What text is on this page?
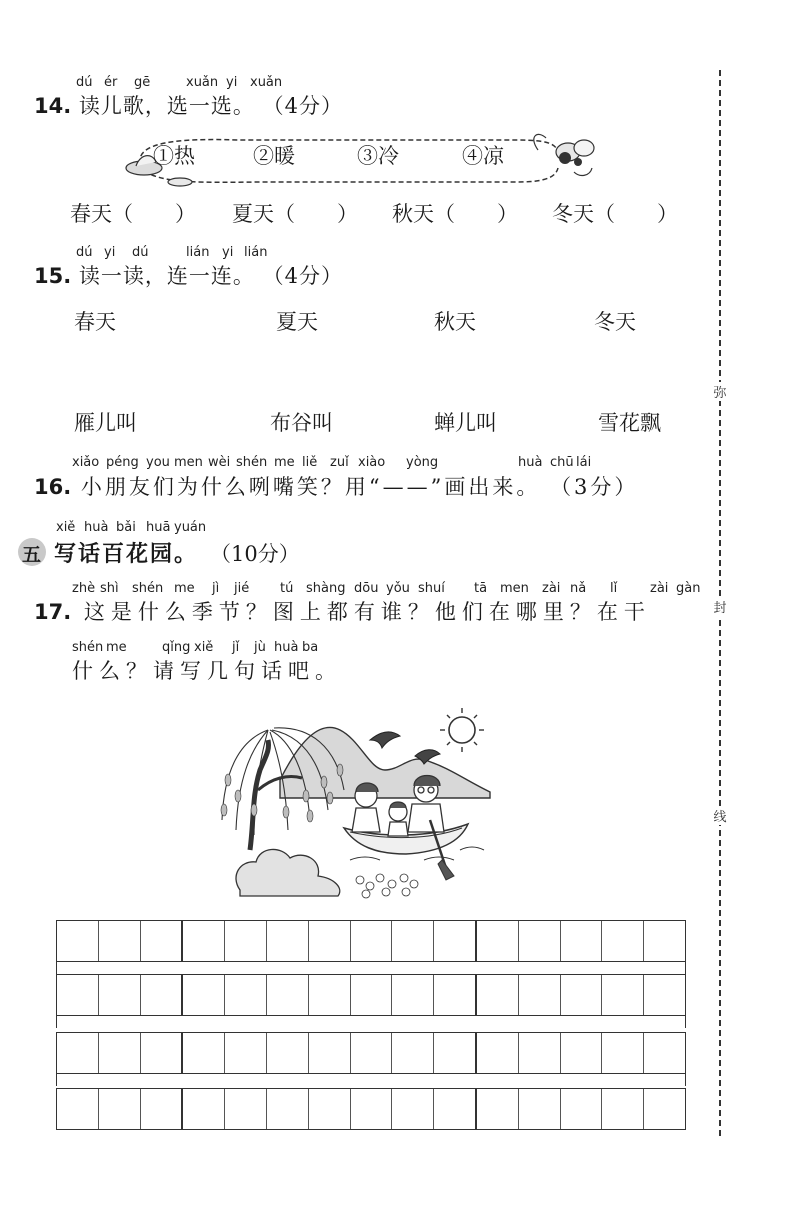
弥
封
线
dú ér gē	xuǎn yi xuǎn
14. 读儿歌，选一选。 （4分）
①热	②暖	③冷	④凉
春天（　　） 夏天（　　） 秋天（　　） 冬天（　　）
dú yi dú	lián yi lián
15. 读一读，连一连。 （4分）
春天	夏天	秋天	冬天
雁儿叫	布谷叫	蝉儿叫	雪花飘
xiǎo péng you men wèi shén me liě zuǐ xiào yòng	huà chū lái
16. 小朋友们为什么咧嘴笑？用“——”画出来。 （3分）
xiě huà bǎi huā yuán
五 写话百花园。 （10分）
zhè shì shén me jì jié tú shàng dōu yǒu shuí tā men zài nǎ lǐ	zài gàn
17. 这是什么季节？图上都有谁？他们在哪里？在干
shén me	qǐng xiě jǐ jù huà ba
什么？请写几句话吧。
